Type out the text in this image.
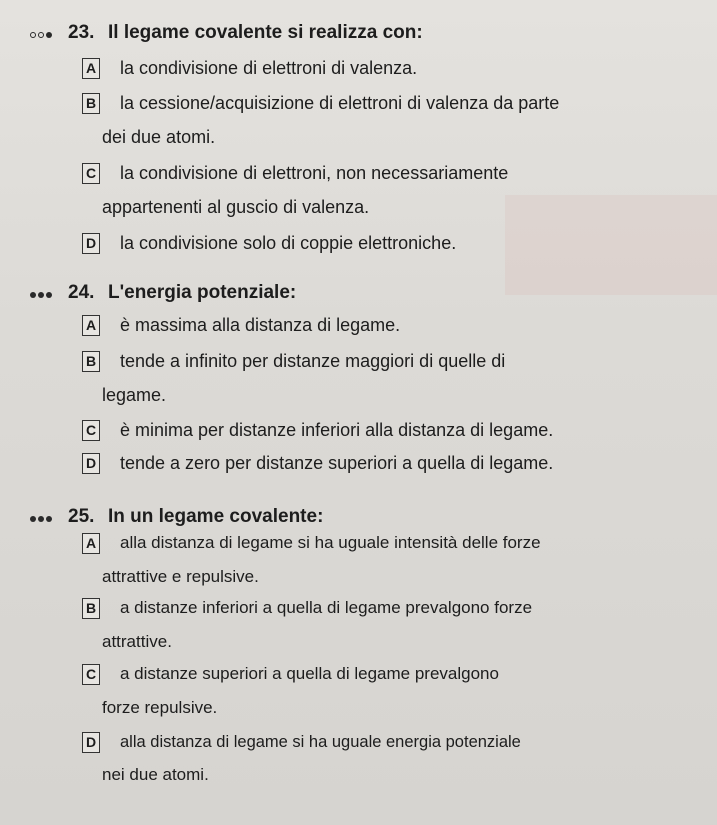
23. Il legame covalente si realizza con:
A la condivisione di elettroni di valenza.
B la cessione/acquisizione di elettroni di valenza da parte
dei due atomi.
C la condivisione di elettroni, non necessariamente
appartenenti al guscio di valenza.
D la condivisione solo di coppie elettroniche.
24. L'energia potenziale:
A è massima alla distanza di legame.
B tende a infinito per distanze maggiori di quelle di
legame.
C è minima per distanze inferiori alla distanza di legame.
D tende a zero per distanze superiori a quella di legame.
25. In un legame covalente:
A alla distanza di legame si ha uguale intensità delle forze
attrattive e repulsive.
B a distanze inferiori a quella di legame prevalgono forze
attrattive.
C a distanze superiori a quella di legame prevalgono
forze repulsive.
D alla distanza di legame si ha uguale energia potenziale
nei due atomi.
